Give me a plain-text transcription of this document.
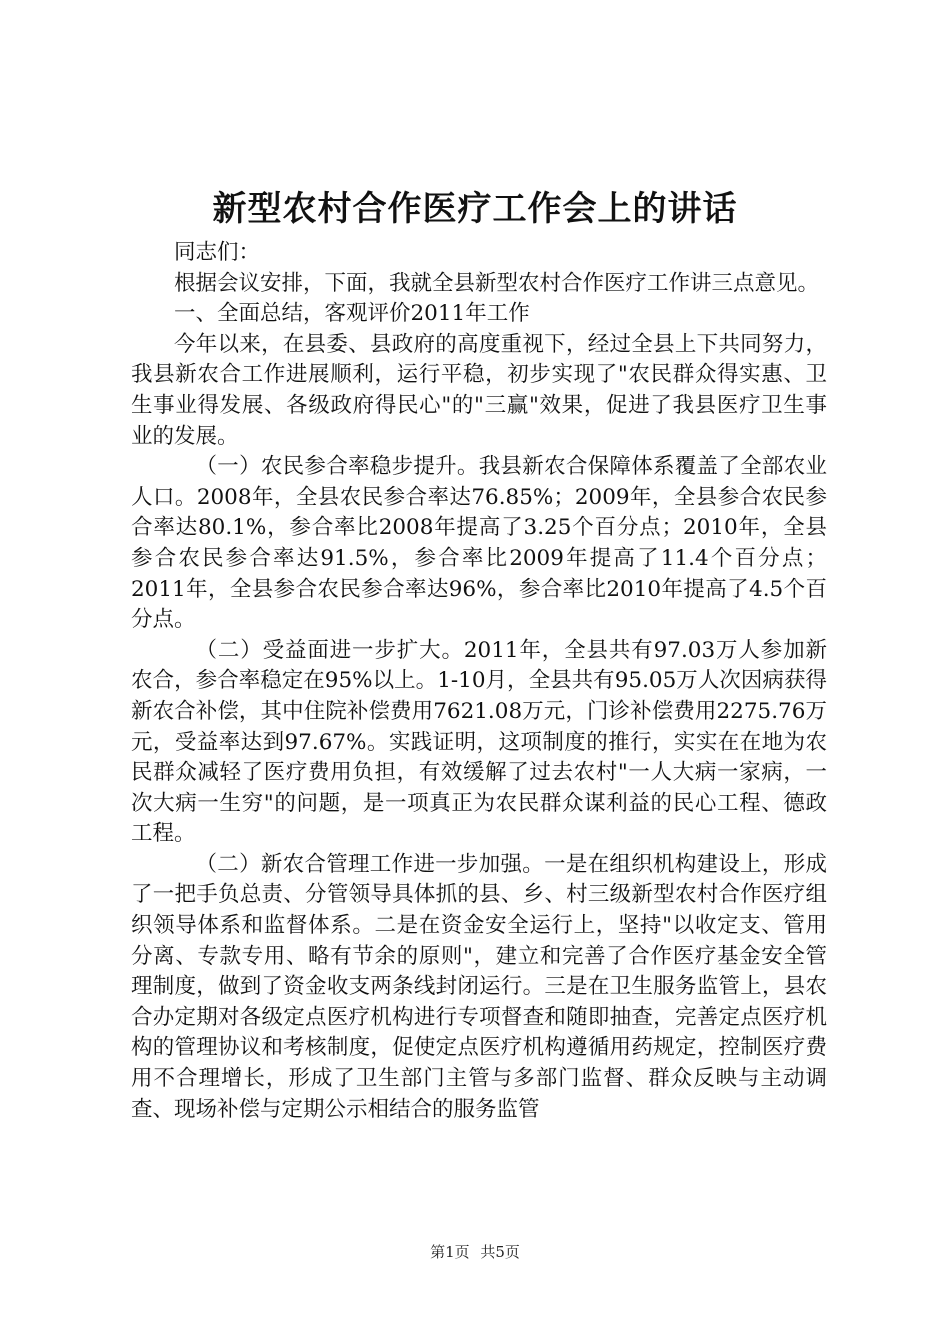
新型农村合作医疗工作会上的讲话

同志们：

根据会议安排，下面，我就全县新型农村合作医疗工作讲三点意见。

一、全面总结，客观评价2011年工作

今年以来，在县委、县政府的高度重视下，经过全县上下共同努力，我县新农合工作进展顺利，运行平稳，初步实现了"农民群众得实惠、卫生事业得发展、各级政府得民心"的"三赢"效果，促进了我县医疗卫生事业的发展。

（一）农民参合率稳步提升。我县新农合保障体系覆盖了全部农业人口。2008年，全县农民参合率达76.85%；2009年，全县参合农民参合率达80.1%，参合率比2008年提高了3.25个百分点；2010年，全县参合农民参合率达91.5%，参合率比2009年提高了11.4个百分点；2011年，全县参合农民参合率达96%，参合率比2010年提高了4.5个百分点。

（二）受益面进一步扩大。2011年，全县共有97.03万人参加新农合，参合率稳定在95%以上。1-10月，全县共有95.05万人次因病获得新农合补偿，其中住院补偿费用7621.08万元，门诊补偿费用2275.76万元，受益率达到97.67%。实践证明，这项制度的推行，实实在在地为农民群众减轻了医疗费用负担，有效缓解了过去农村"一人大病一家病，一次大病一生穷"的问题，是一项真正为农民群众谋利益的民心工程、德政工程。

（二）新农合管理工作进一步加强。一是在组织机构建设上，形成了一把手负总责、分管领导具体抓的县、乡、村三级新型农村合作医疗组织领导体系和监督体系。二是在资金安全运行上，坚持"以收定支、管用分离、专款专用、略有节余的原则"，建立和完善了合作医疗基金安全管理制度，做到了资金收支两条线封闭运行。三是在卫生服务监管上，县农合办定期对各级定点医疗机构进行专项督查和随即抽查，完善定点医疗机构的管理协议和考核制度，促使定点医疗机构遵循用药规定，控制医疗费用不合理增长，形成了卫生部门主管与多部门监督、群众反映与主动调查、现场补偿与定期公示相结合的服务监管

第1页 共5页
